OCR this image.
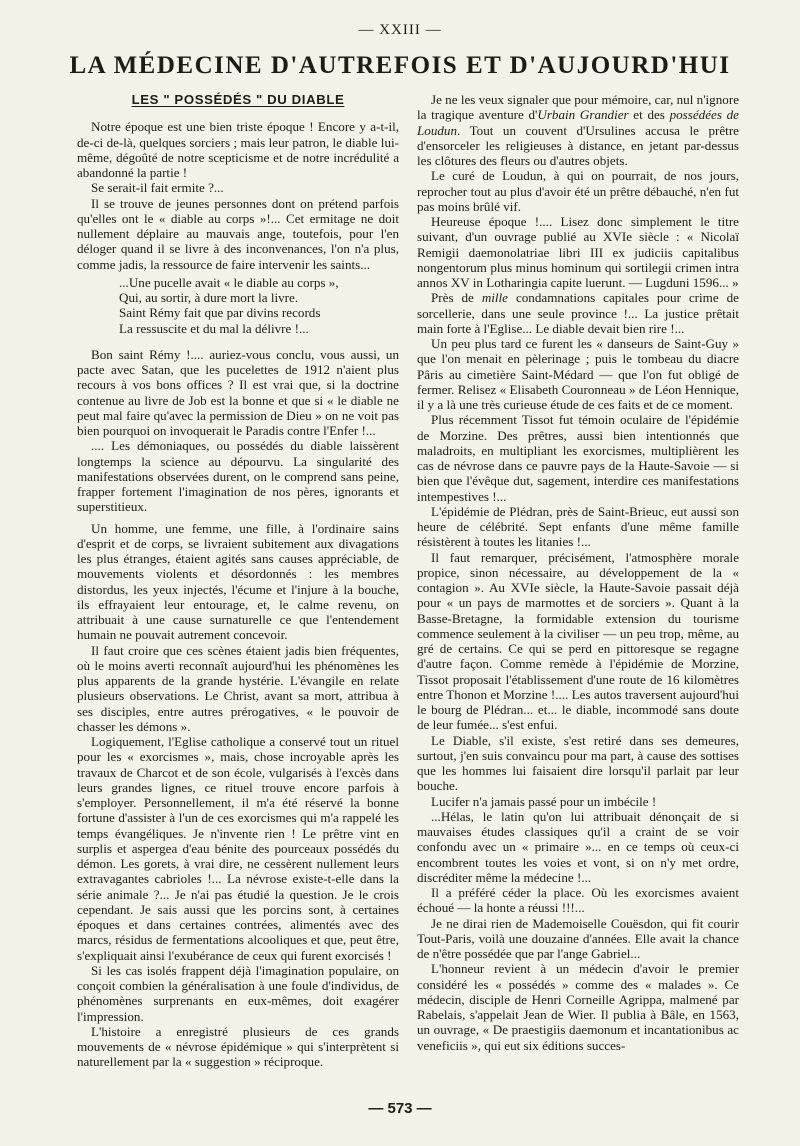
— XXIII —
LA MÉDECINE D'AUTREFOIS ET D'AUJOURD'HUI
LES " POSSÉDÉS " DU DIABLE

Notre époque est une bien triste époque ! Encore y a-t-il, de-ci de-là, quelques sorciers ; mais leur patron, le diable lui-même, dégoûté de notre scepticisme et de notre incrédulité a abandonné la partie !

Se serait-il fait ermite ?...

Il se trouve de jeunes personnes dont on prétend parfois qu'elles ont le « diable au corps »!... Cet ermitage ne doit nullement déplaire au mauvais ange, toutefois, pour l'en déloger quand il se livre à des inconvenances, l'on n'a plus, comme jadis, la ressource de faire intervenir les saints...

...Une pucelle avait « le diable au corps »,
Qui, au sortir, à dure mort la livre.
Saint Rémy fait que par divins records
La ressuscite et du mal la délivre !...

Bon saint Rémy !.... auriez-vous conclu, vous aussi, un pacte avec Satan, que les pucelettes de 1912 n'aient plus recours à vos bons offices ? Il est vrai que, si la doctrine contenue au livre de Job est la bonne et que si « le diable ne peut mal faire qu'avec la permission de Dieu » on ne voit pas bien pourquoi on invoquerait le Paradis contre l'Enfer !...

.... Les démoniaques, ou possédés du diable laissèrent longtemps la science au dépourvu. La singularité des manifestations observées durent, on le comprend sans peine, frapper fortement l'imagination de nos pères, ignorants et superstitieux.

Un homme, une femme, une fille, à l'ordinaire sains d'esprit et de corps, se livraient subitement aux divagations les plus étranges, étaient agités sans causes appréciable, de mouvements violents et désordonnés : les membres distordus, les yeux injectés, l'écume et l'injure à la bouche, ils effrayaient leur entourage, et, le calme revenu, on attribuait à une cause surnaturelle ce que l'entendement humain ne pouvait autrement concevoir.

Il faut croire que ces scènes étaient jadis bien fréquentes, où le moins averti reconnaît aujourd'hui les phénomènes les plus apparents de la grande hystérie. L'évangile en relate plusieurs observations. Le Christ, avant sa mort, attribua à ses disciples, entre autres prérogatives, « le pouvoir de chasser les démons ».

Logiquement, l'Eglise catholique a conservé tout un rituel pour les « exorcismes », mais, chose incroyable après les travaux de Charcot et de son école, vulgarisés à l'excès dans leurs grandes lignes, ce rituel trouve encore parfois à s'employer. Personnellement, il m'a été réservé la bonne fortune d'assister à l'un de ces exorcismes qui m'a rappelé les temps évangéliques. Je n'invente rien ! Le prêtre vint en surplis et aspergea d'eau bénite des pourceaux possédés du démon. Les gorets, à vrai dire, ne cessèrent nullement leurs extravagantes cabrioles !... La névrose existe-t-elle dans la série animale ?... Je n'ai pas étudié la question. Je le crois cependant. Je sais aussi que les porcins sont, à certaines époques et dans certaines contrées, alimentés avec des marcs, résidus de fermentations alcooliques et que, peut être, s'expliquait ainsi l'exubérance de ceux qui furent exorcisés !

Si les cas isolés frappent déjà l'imagination populaire, on conçoit combien la généralisation à une foule d'individus, de phénomènes surprenants en eux-mêmes, doit exagérer l'impression.

L'histoire a enregistré plusieurs de ces grands mouvements de « névrose épidémique » qui s'interprètent si naturellement par la « suggestion » réciproque.

Je ne les veux signaler que pour mémoire, car, nul n'ignore la tragique aventure d'Urbain Grandier et des possédées de Loudun. Tout un couvent d'Ursulines accusa le prêtre d'ensorceler les religieuses à distance, en jetant par-dessus les clôtures des fleurs ou d'autres objets.

Le curé de Loudun, à qui on pourrait, de nos jours, reprocher tout au plus d'avoir été un prêtre débauché, n'en fut pas moins brûlé vif.

Heureuse époque !.... Lisez donc simplement le titre suivant, d'un ouvrage publié au XVIe siècle : « Nicolaï Remigii daemonolatriae libri III ex judiciis capitalibus nongentorum plus minus hominum qui sortilegii crimen intra annos XV in Lotharingia capite luerunt. — Lugduni 1596... »

Près de mille condamnations capitales pour crime de sorcellerie, dans une seule province !... La justice prêtait main forte à l'Eglise... Le diable devait bien rire !...

Un peu plus tard ce furent les « danseurs de Saint-Guy » que l'on menait en pèlerinage ; puis le tombeau du diacre Pâris au cimetière Saint-Médard — que l'on fut obligé de fermer. Relisez « Elisabeth Couronneau » de Léon Hennique, il y a là une très curieuse étude de ces faits et de ce moment.

Plus récemment Tissot fut témoin oculaire de l'épidémie de Morzine. Des prêtres, aussi bien intentionnés que maladroits, en multipliant les exorcismes, multiplièrent les cas de névrose dans ce pauvre pays de la Haute-Savoie — si bien que l'évêque dut, sagement, interdire ces manifestations intempestives !...

L'épidémie de Plédran, près de Saint-Brieuc, eut aussi son heure de célébrité. Sept enfants d'une même famille résistèrent à toutes les litanies !...

Il faut remarquer, précisément, l'atmosphère morale propice, sinon nécessaire, au développement de la « contagion ». Au XVIe siècle, la Haute-Savoie passait déjà pour « un pays de marmottes et de sorciers ». Quant à la Basse-Bretagne, la formidable extension du tourisme commence seulement à la civiliser — un peu trop, même, au gré de certains. Ce qui se perd en pittoresque se regagne d'autre façon. Comme remède à l'épidémie de Morzine, Tissot proposait l'établissement d'une route de 16 kilomètres entre Thonon et Morzine !.... Les autos traversent aujourd'hui le bourg de Plédran... et... le diable, incommodé sans doute de leur fumée... s'est enfui.

Le Diable, s'il existe, s'est retiré dans ses demeures, surtout, j'en suis convaincu pour ma part, à cause des sottises que les hommes lui faisaient dire lorsqu'il parlait par leur bouche.

Lucifer n'a jamais passé pour un imbécile !

...Hélas, le latin qu'on lui attribuait dénonçait de si mauvaises études classiques qu'il a craint de se voir confondu avec un « primaire »... en ce temps où ceux-ci encombrent toutes les voies et vont, si on n'y met ordre, discréditer même la médecine !...

Il a préféré céder la place. Où les exorcismes avaient échoué — la honte a réussi !!!...

Je ne dirai rien de Mademoiselle Couësdon, qui fit courir Tout-Paris, voilà une douzaine d'années. Elle avait la chance de n'être possédée que par l'ange Gabriel...

L'honneur revient à un médecin d'avoir le premier considéré les « possédés » comme des « malades ». Ce médecin, disciple de Henri Corneille Agrippa, malmené par Rabelais, s'appelait Jean de Wier. Il publia à Bâle, en 1563, un ouvrage, « De praestigiis daemonum et incantationibus ac veneficiis », qui eut six éditions succes-

— 573 —
